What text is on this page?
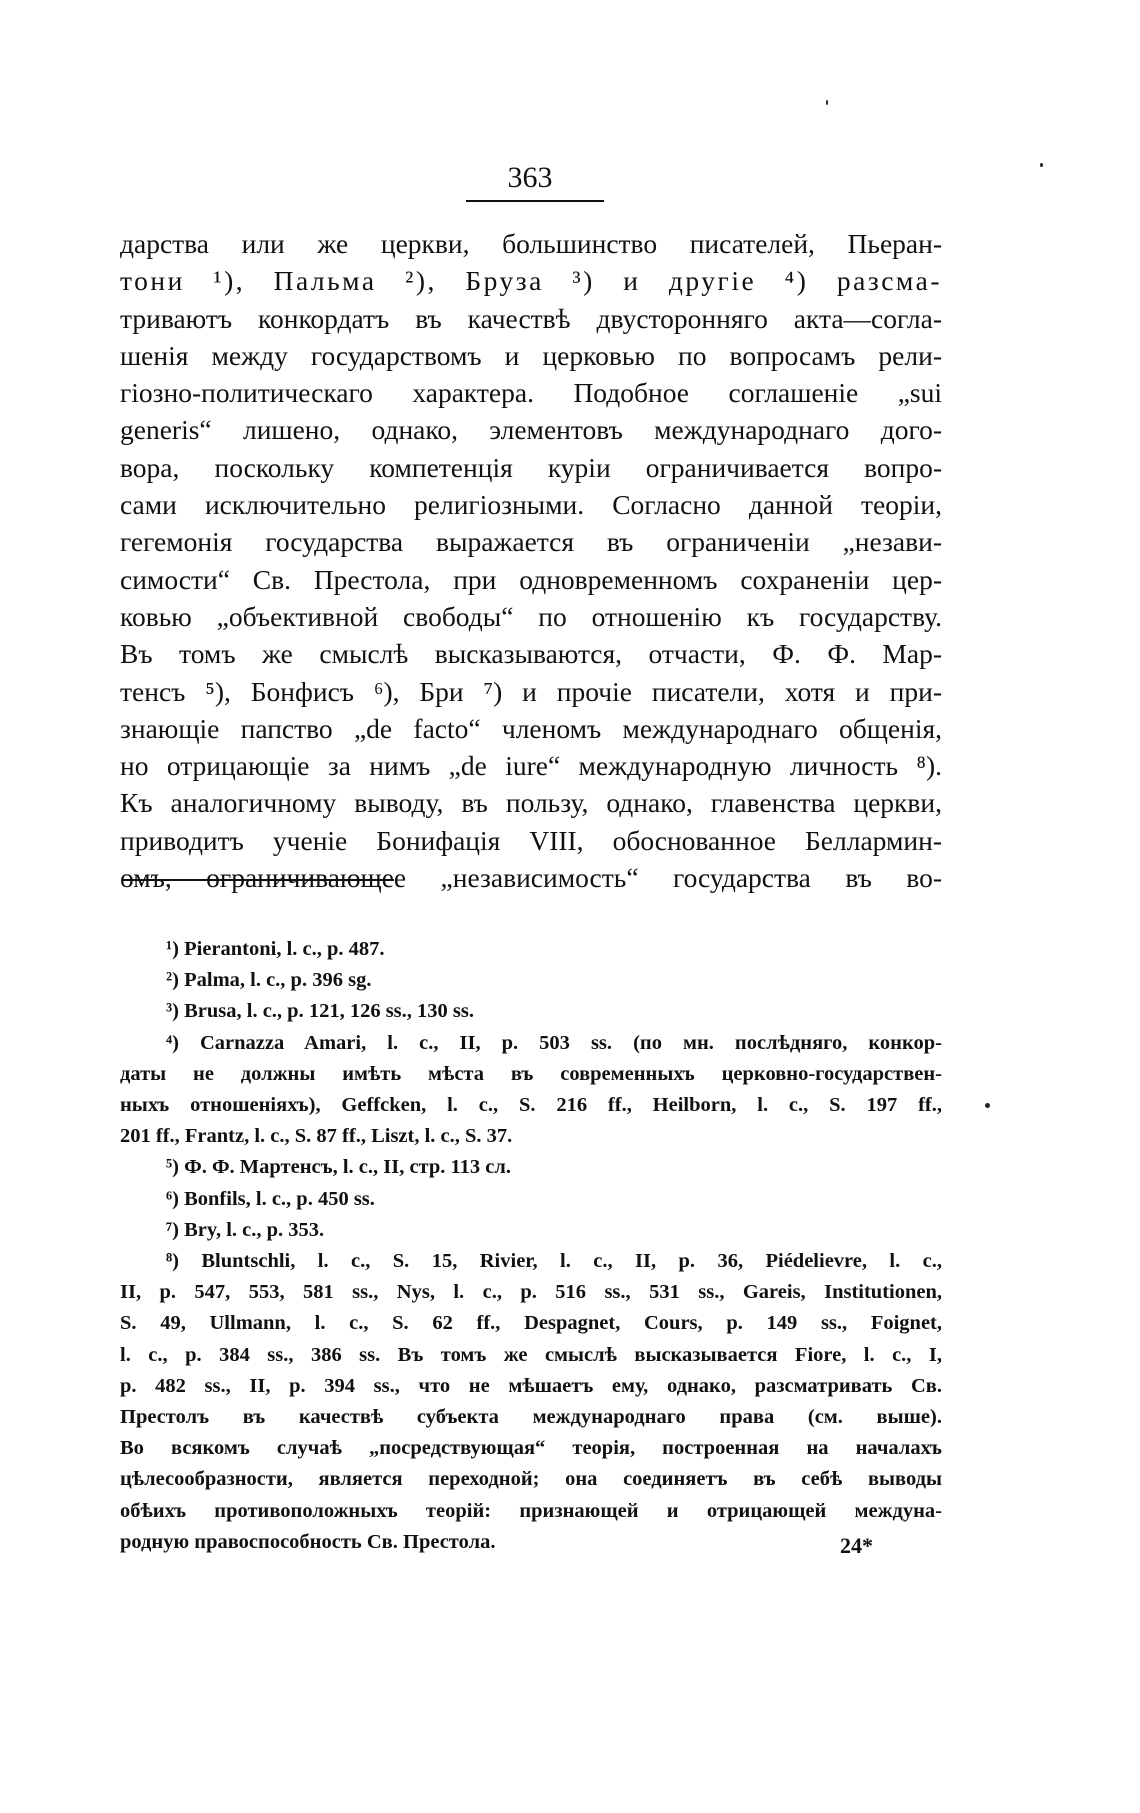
363
дарства или же церкви, большинство писателей, Пьеран-
тони ¹), Пальма ²), Бруза ³) и другіе ⁴) разсма-
триваютъ конкордатъ въ качествѣ двусторонняго акта—согла-
шенія между государствомъ и церковью по вопросамъ рели-
гіозно-политическаго характера. Подобное соглашеніе „sui
generis“ лишено, однако, элементовъ международнаго дого-
вора, поскольку компетенція куріи ограничивается вопро-
сами исключительно религіозными. Согласно данной теоріи,
гегемонія государства выражается въ ограниченіи „незави-
симости“ Св. Престола, при одновременномъ сохраненіи цер-
ковью „объективной свободы“ по отношенію къ государству.
Въ томъ же смыслѣ высказываются, отчасти, Ф. Ф. Мар-
тенсъ ⁵), Бонфисъ ⁶), Бри ⁷) и прочіе писатели, хотя и при-
знающіе папство „de facto“ членомъ международнаго общенія,
но отрицающіе за нимъ „de iure“ международную личность ⁸).
Къ аналогичному выводу, въ пользу, однако, главенства церкви,
приводитъ ученіе Бонифація VIII, обоснованное Беллармин-
омъ, ограничивающее „независимость“ государства въ во-
¹) Pierantoni, l. c., p. 487.
²) Palma, l. c., p. 396 sg.
³) Brusa, l. c., p. 121, 126 ss., 130 ss.
⁴) Carnazza Amari, l. c., II, p. 503 ss. (по мн. послѣдняго, конкор-
даты не должны имѣть мѣста въ современныхъ церковно-государствен-
ныхъ отношеніяхъ), Geffcken, l. c., S. 216 ff., Heilborn, l. c., S. 197 ff.,
201 ff., Frantz, l. c., S. 87 ff., Liszt, l. c., S. 37.
⁵) Ф. Ф. Мартенсъ, l. c., II, стр. 113 сл.
⁶) Bonfils, l. c., p. 450 ss.
⁷) Bry, l. c., p. 353.
⁸) Bluntschli, l. c., S. 15, Rivier, l. c., II, p. 36, Piédelievre, l. c.,
II, p. 547, 553, 581 ss., Nys, l. c., p. 516 ss., 531 ss., Gareis, Institutionen,
S. 49, Ullmann, l. c., S. 62 ff., Despagnet, Cours, p. 149 ss., Foignet,
l. c., p. 384 ss., 386 ss. Въ томъ же смыслѣ высказывается Fiore, l. c., I,
p. 482 ss., II, p. 394 ss., что не мѣшаетъ ему, однако, разсматривать Св.
Престолъ въ качествѣ субъекта международнаго права (см. выше).
Во всякомъ случаѣ „посредствующая“ теорія, построенная на началахъ
цѣлесообразности, является переходной; она соединяетъ въ себѣ выводы
обѣихъ противоположныхъ теорій: признающей и отрицающей междуна-
родную правоспособность Св. Престола.	24*
